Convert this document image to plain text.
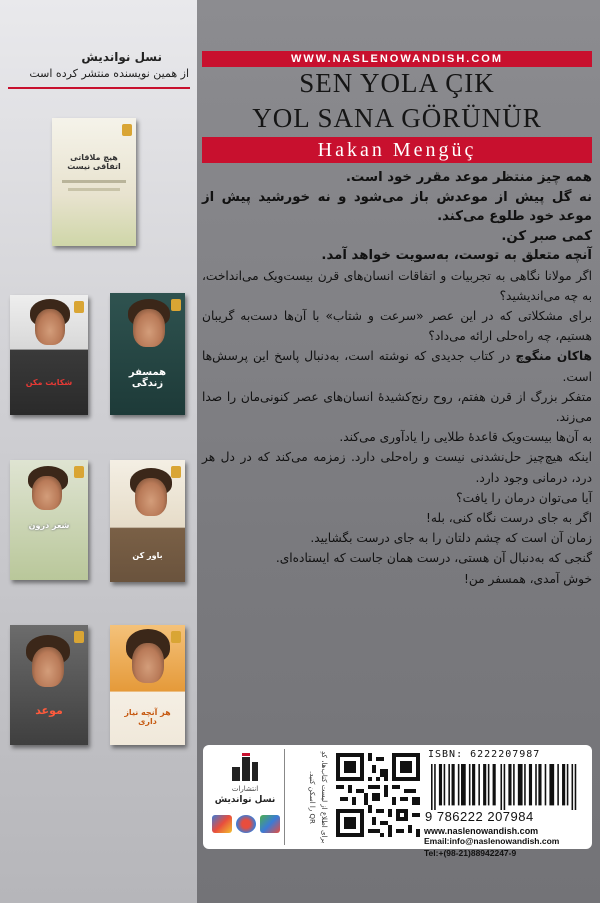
نسل نواندیش
از همین نویسنده منتشر کرده است
هیچ ملاقاتی اتفاقی نیست
شکایت مکن
همسفر زندگی
شعر درون
باور کن
موعد	هر آنچه نیاز داری
WWW.NASLENOWANDISH.COM
SEN YOLA ÇIK
YOL SANA GÖRÜNÜR
Hakan Mengüç

همه چیز منتظر موعد مقرر خود است.

نه گل پیش از موعدش باز می‌شود و نه خورشید پیش از موعد خود طلوع می‌کند.

کمی صبر کن.

آنچه متعلق به توست، به‌سویت خواهد آمد.

اگر مولانا نگاهی به تجربیات و اتفاقات انسان‌های قرن بیست‌ویک می‌انداخت، به چه می‌اندیشید؟

برای مشکلاتی که در این عصر «سرعت و شتاب» با آن‌ها دست‌به گریبان هستیم، چه راه‌حلی ارائه می‌داد؟

هاکان منگوچ در کتاب جدیدی که نوشته است، به‌دنبال پاسخ این پرسش‌ها است.

متفکر بزرگ از قرن هفتم، روح رنج‌کشیدهٔ انسان‌های عصر کنونی‌مان را صدا می‌زند.

به آن‌ها بیست‌ویک قاعدهٔ طلایی را یادآوری می‌کند.

اینکه هیچ‌چیز حل‌نشدنی نیست و راه‌حلی دارد. زمزمه می‌کند که در دل هر درد، درمانی وجود دارد.

آیا می‌توان درمان را یافت؟

اگر به جای درست نگاه کنی، بله!

زمان آن است که چشم دلتان را به جای درست بگشایید.

گنجی که به‌دنبال آن هستی، درست همان جاست که ایستاده‌ای.

خوش آمدی، همسفر من!

انتشارات
نسل نواندیش	برای اطلاع از لیست کتاب‌ها، کدِ QR را اسکن کنید.
ISBN: 6222207987
9 786222 207984
www.naslenowandish.com
Email:info@naslenowandish.com
Tel:+(98-21)88942247-9
